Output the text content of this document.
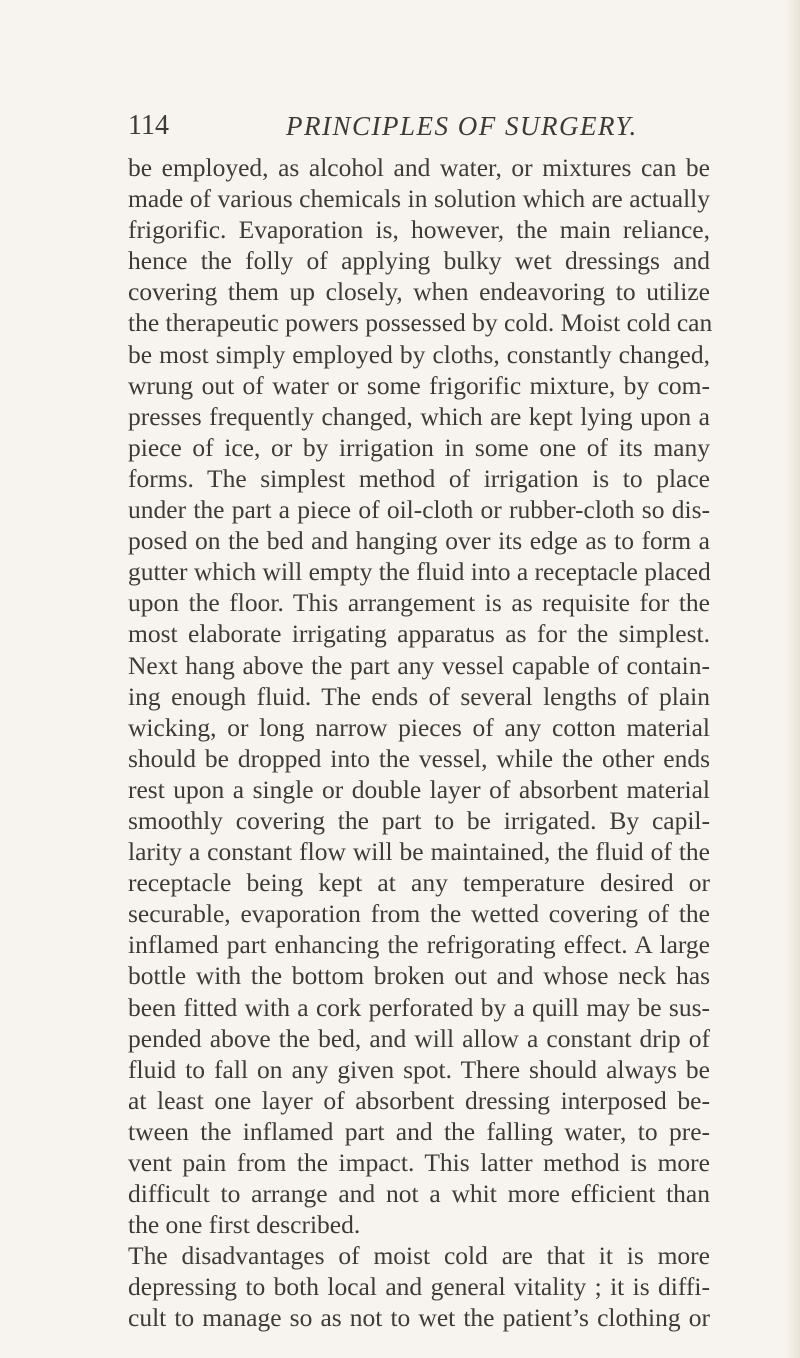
114	PRINCIPLES OF SURGERY.
be employed, as alcohol and water, or mixtures can be
made of various chemicals in solution which are actually
frigorific. Evaporation is, however, the main reliance,
hence the folly of applying bulky wet dressings and
covering them up closely, when endeavoring to utilize
the therapeutic powers possessed by cold. Moist cold can
be most simply employed by cloths, constantly changed,
wrung out of water or some frigorific mixture, by com-
presses frequently changed, which are kept lying upon a
piece of ice, or by irrigation in some one of its many
forms. The simplest method of irrigation is to place
under the part a piece of oil-cloth or rubber-cloth so dis-
posed on the bed and hanging over its edge as to form a
gutter which will empty the fluid into a receptacle placed
upon the floor. This arrangement is as requisite for the
most elaborate irrigating apparatus as for the simplest.
Next hang above the part any vessel capable of contain-
ing enough fluid. The ends of several lengths of plain
wicking, or long narrow pieces of any cotton material
should be dropped into the vessel, while the other ends
rest upon a single or double layer of absorbent material
smoothly covering the part to be irrigated. By capil-
larity a constant flow will be maintained, the fluid of the
receptacle being kept at any temperature desired or
securable, evaporation from the wetted covering of the
inflamed part enhancing the refrigorating effect. A large
bottle with the bottom broken out and whose neck has
been fitted with a cork perforated by a quill may be sus-
pended above the bed, and will allow a constant drip of
fluid to fall on any given spot. There should always be
at least one layer of absorbent dressing interposed be-
tween the inflamed part and the falling water, to pre-
vent pain from the impact. This latter method is more
difficult to arrange and not a whit more efficient than
the one first described.
The disadvantages of moist cold are that it is more
depressing to both local and general vitality ; it is diffi-
cult to manage so as not to wet the patient’s clothing or
